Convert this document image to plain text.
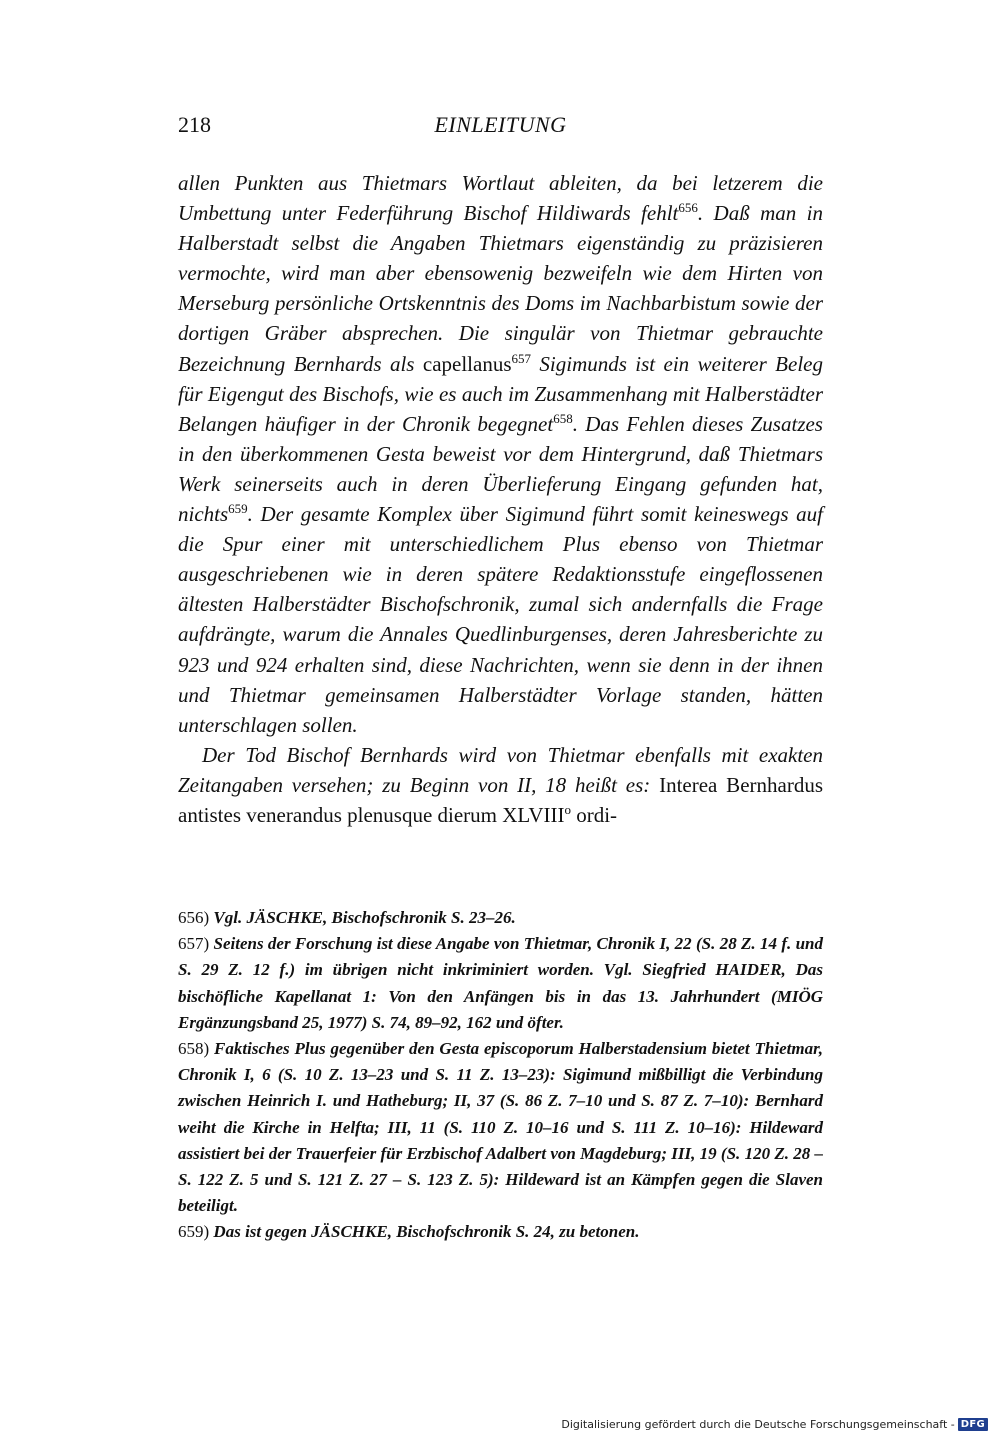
218	EINLEITUNG

allen Punkten aus Thietmars Wortlaut ableiten, da bei letzerem die Umbettung unter Federführung Bischof Hildiwards fehlt$^{656}$. Daß man in Halberstadt selbst die Angaben Thietmars eigenständig zu präzisieren vermochte, wird man aber ebensowenig bezweifeln wie dem Hirten von Merseburg persönliche Ortskenntnis des Doms im Nachbarbistum sowie der dortigen Gräber absprechen. Die singulär von Thietmar gebrauchte Bezeichnung Bernhards als capellanus$^{657}$ Sigimunds ist ein weiterer Beleg für Eigengut des Bischofs, wie es auch im Zusammenhang mit Halberstädter Belangen häufiger in der Chronik begegnet$^{658}$. Das Fehlen dieses Zusatzes in den überkommenen Gesta beweist vor dem Hintergrund, daß Thietmars Werk seinerseits auch in deren Überlieferung Eingang gefunden hat, nichts$^{659}$. Der gesamte Komplex über Sigimund führt somit keineswegs auf die Spur einer mit unterschiedlichem Plus ebenso von Thietmar ausgeschriebenen wie in deren spätere Redaktionsstufe eingeflossenen ältesten Halberstädter Bischofschronik, zumal sich andernfalls die Frage aufdrängte, warum die Annales Quedlinburgenses, deren Jahresberichte zu 923 und 924 erhalten sind, diese Nachrichten, wenn sie denn in der ihnen und Thietmar gemeinsamen Halberstädter Vorlage standen, hätten unterschlagen sollen.

Der Tod Bischof Bernhards wird von Thietmar ebenfalls mit exakten Zeitangaben versehen; zu Beginn von II, 18 heißt es: Interea Bernhardus antistes venerandus plenusque dierum XLVIII$^o$ ordi-

656) Vgl. JÄSCHKE, Bischofschronik S. 23–26.

657) Seitens der Forschung ist diese Angabe von Thietmar, Chronik I, 22 (S. 28 Z. 14 f. und S. 29 Z. 12 f.) im übrigen nicht inkriminiert worden. Vgl. Siegfried HAIDER, Das bischöfliche Kapellanat 1: Von den Anfängen bis in das 13. Jahrhundert (MIÖG Ergänzungsband 25, 1977) S. 74, 89–92, 162 und öfter.

658) Faktisches Plus gegenüber den Gesta episcoporum Halberstadensium bietet Thietmar, Chronik I, 6 (S. 10 Z. 13–23 und S. 11 Z. 13–23): Sigimund mißbilligt die Verbindung zwischen Heinrich I. und Hatheburg; II, 37 (S. 86 Z. 7–10 und S. 87 Z. 7–10): Bernhard weiht die Kirche in Helfta; III, 11 (S. 110 Z. 10–16 und S. 111 Z. 10–16): Hildeward assistiert bei der Trauerfeier für Erzbischof Adalbert von Magdeburg; III, 19 (S. 120 Z. 28 – S. 122 Z. 5 und S. 121 Z. 27 – S. 123 Z. 5): Hildeward ist an Kämpfen gegen die Slaven beteiligt.

659) Das ist gegen JÄSCHKE, Bischofschronik S. 24, zu betonen.

Digitalisierung gefördert durch die Deutsche Forschungsgemeinschaft - DFG
